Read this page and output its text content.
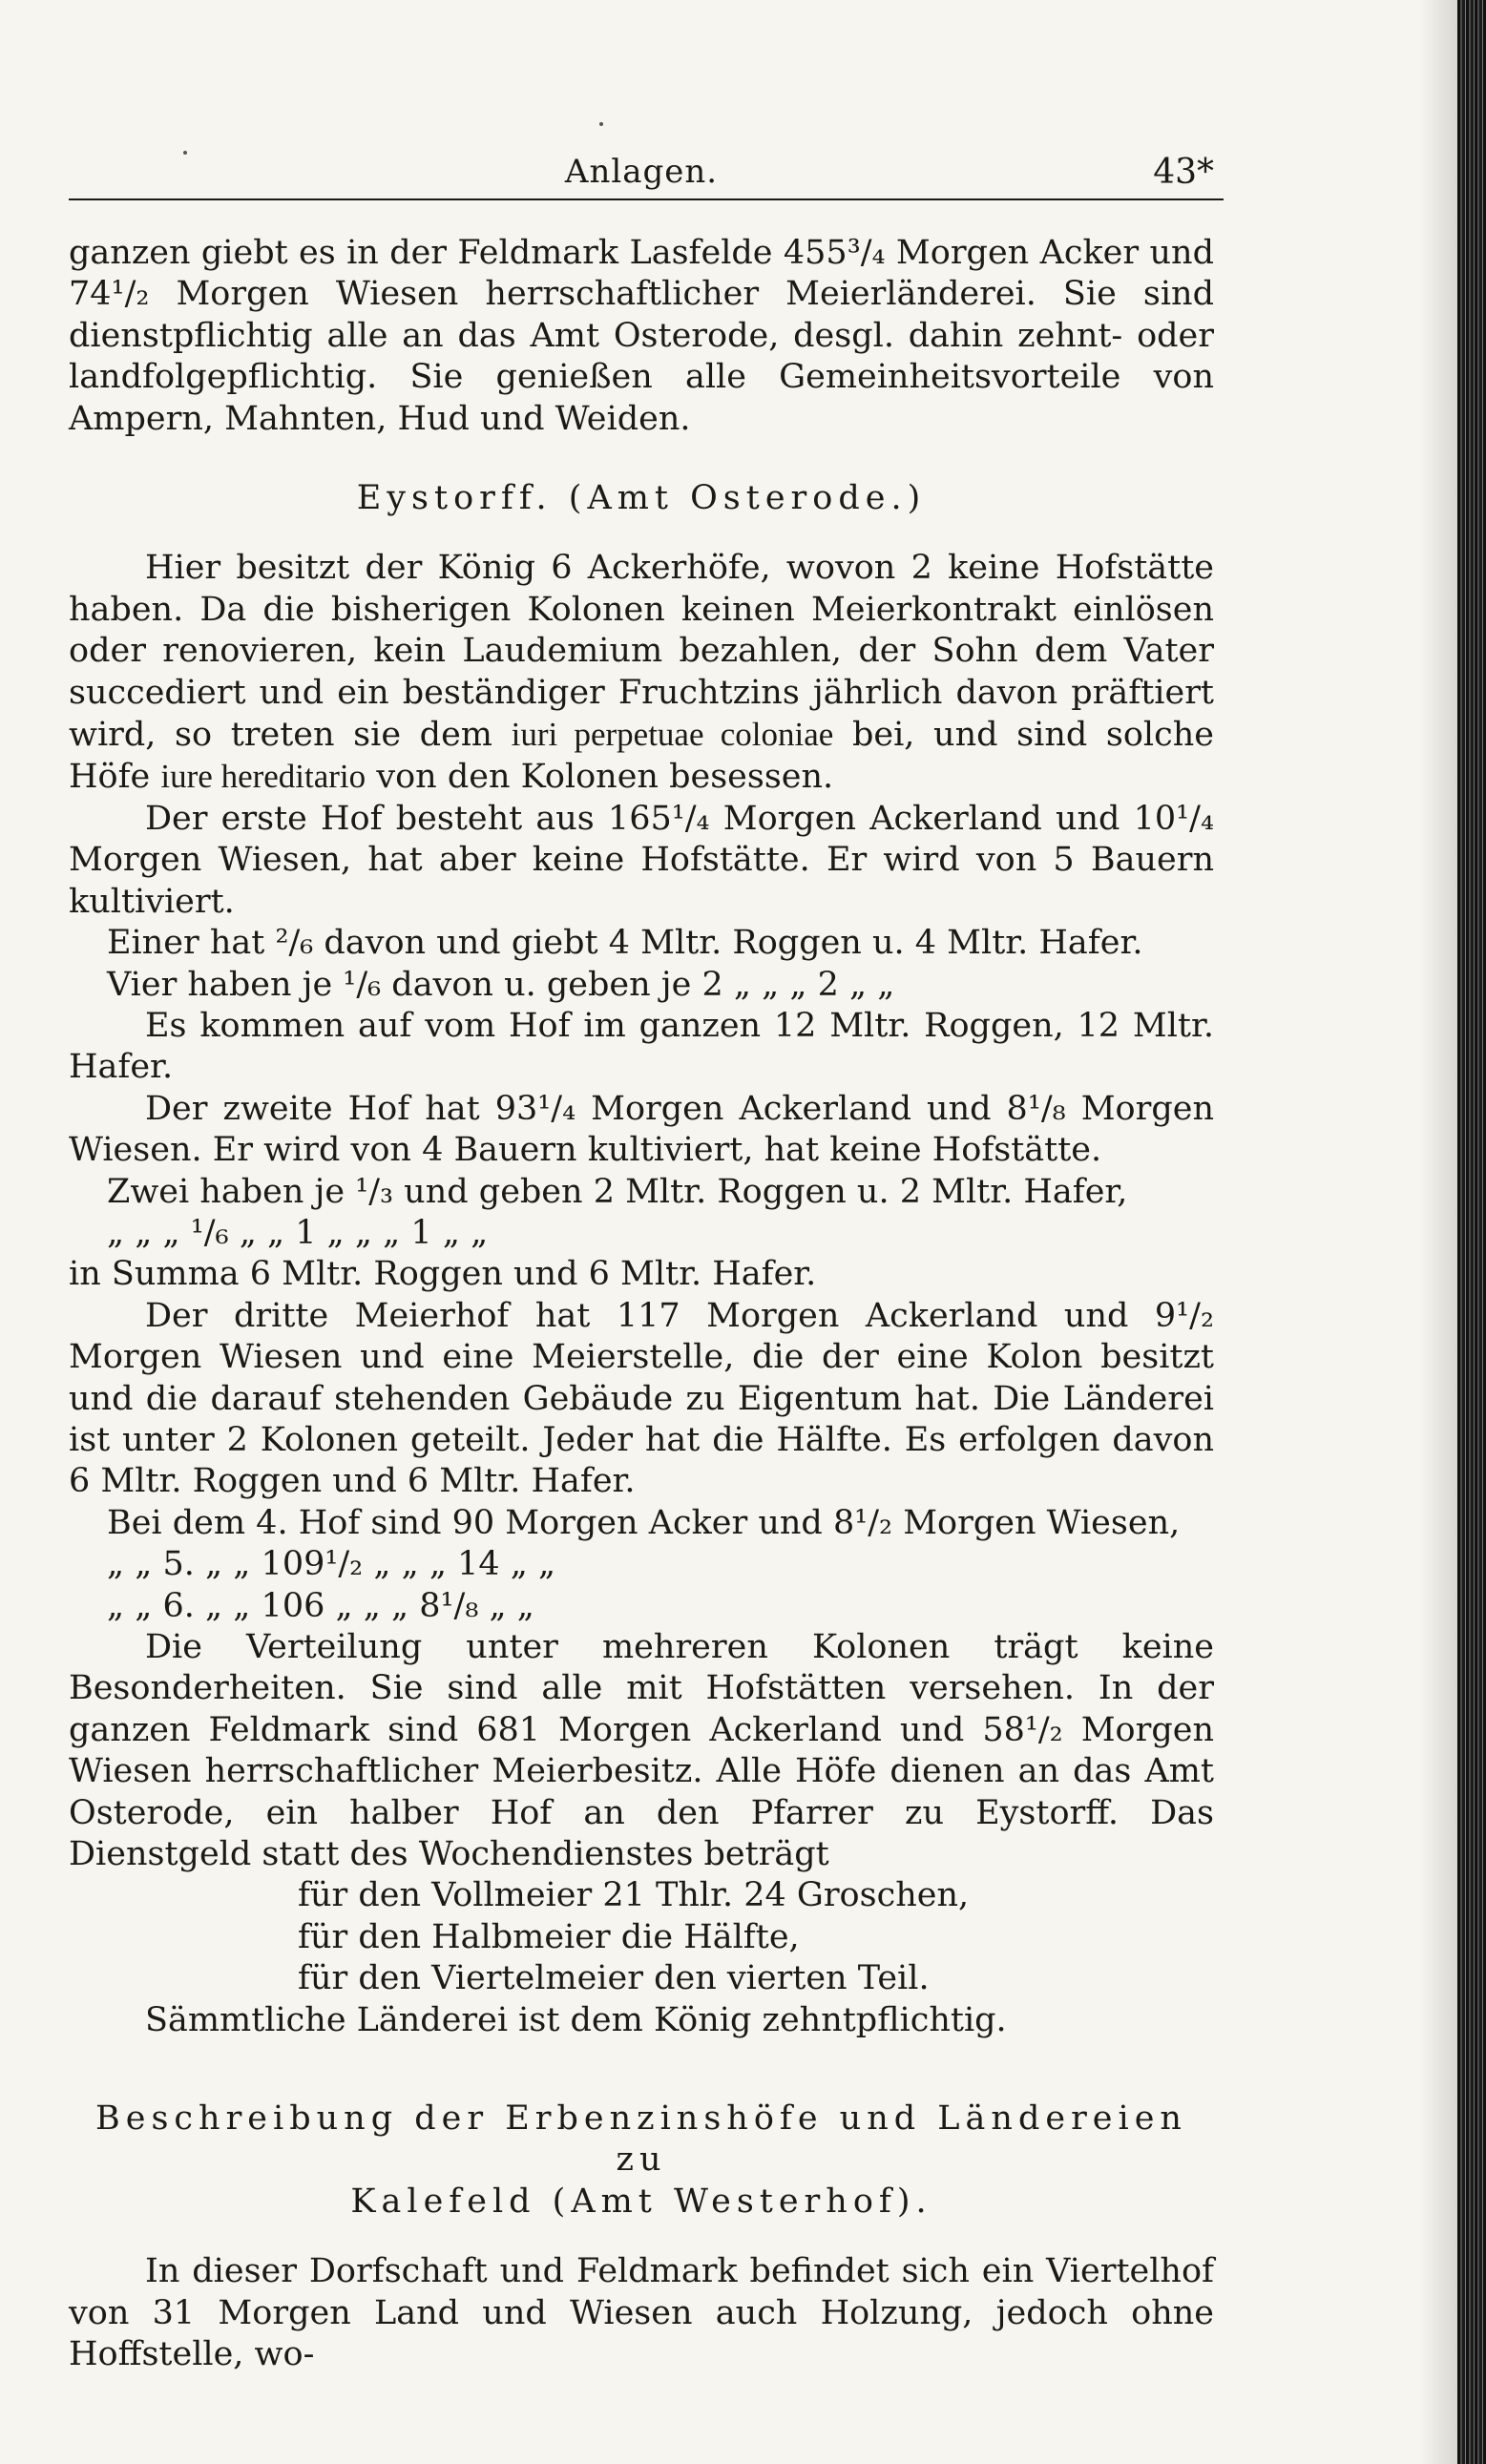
Anlagen.	43*

ganzen giebt es in der Feldmark Lasfelde 455³/₄ Morgen Acker und 74¹/₂ Morgen Wiesen herrschaftlicher Meierländerei. Sie sind dienstpflichtig alle an das Amt Osterode, desgl. dahin zehnt- oder landfolgepflichtig. Sie genießen alle Gemeinheitsvorteile von Ampern, Mahnten, Hud und Weiden.

Eystorff. (Amt Osterode.)

Hier besitzt der König 6 Ackerhöfe, wovon 2 keine Hofstätte haben. Da die bisherigen Kolonen keinen Meierkontrakt einlösen oder renovieren, kein Laudemium bezahlen, der Sohn dem Vater succediert und ein beständiger Fruchtzins jährlich davon präftiert wird, so treten sie dem iuri perpetuae coloniae bei, und sind solche Höfe iure hereditario von den Kolonen besessen.

Der erste Hof besteht aus 165¹/₄ Morgen Ackerland und 10¹/₄ Morgen Wiesen, hat aber keine Hofstätte. Er wird von 5 Bauern kultiviert.

Einer hat ²/₆ davon und giebt 4 Mltr. Roggen u. 4 Mltr. Hafer.

Vier haben je ¹/₆ davon u. geben je 2 „ „ „ 2 „ „

Es kommen auf vom Hof im ganzen 12 Mltr. Roggen, 12 Mltr. Hafer.

Der zweite Hof hat 93¹/₄ Morgen Ackerland und 8¹/₈ Morgen Wiesen. Er wird von 4 Bauern kultiviert, hat keine Hofstätte.

Zwei haben je ¹/₃ und geben 2 Mltr. Roggen u. 2 Mltr. Hafer,

„ „ „ ¹/₆ „ „ 1 „ „ „ 1 „ „

in Summa 6 Mltr. Roggen und 6 Mltr. Hafer.

Der dritte Meierhof hat 117 Morgen Ackerland und 9¹/₂ Morgen Wiesen und eine Meierstelle, die der eine Kolon besitzt und die darauf stehenden Gebäude zu Eigentum hat. Die Länderei ist unter 2 Kolonen geteilt. Jeder hat die Hälfte. Es erfolgen davon 6 Mltr. Roggen und 6 Mltr. Hafer.

Bei dem 4. Hof sind 90 Morgen Acker und 8¹/₂ Morgen Wiesen,

„ „ 5. „ „ 109¹/₂ „ „ „ 14 „ „

„ „ 6. „ „ 106 „ „ „ 8¹/₈ „ „

Die Verteilung unter mehreren Kolonen trägt keine Besonderheiten. Sie sind alle mit Hofstätten versehen. In der ganzen Feldmark sind 681 Morgen Ackerland und 58¹/₂ Morgen Wiesen herrschaftlicher Meierbesitz. Alle Höfe dienen an das Amt Osterode, ein halber Hof an den Pfarrer zu Eystorff. Das Dienstgeld statt des Wochendienstes beträgt

für den Vollmeier 21 Thlr. 24 Groschen,

für den Halbmeier die Hälfte,

für den Viertelmeier den vierten Teil.

Sämmtliche Länderei ist dem König zehntpflichtig.

Beschreibung der Erbenzinshöfe und Ländereien zu

Kalefeld (Amt Westerhof).

In dieser Dorfschaft und Feldmark befindet sich ein Viertelhof von 31 Morgen Land und Wiesen auch Holzung, jedoch ohne Hoffstelle, wo-
